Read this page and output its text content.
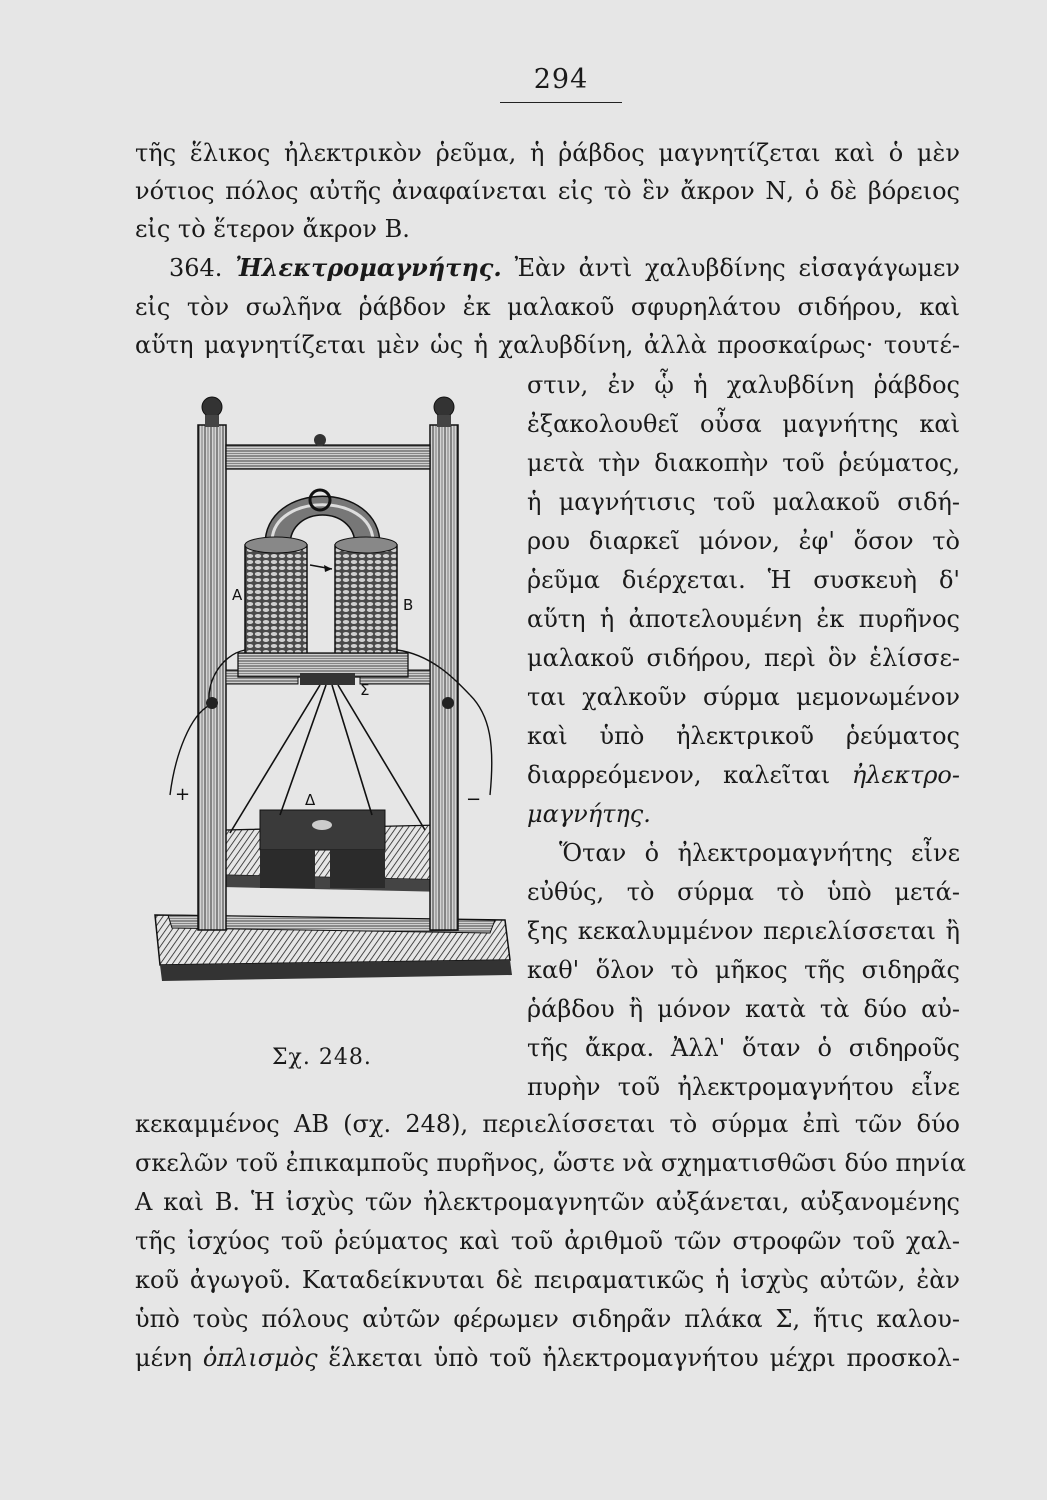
294
τῆς ἕλικος ἠλεκτρικὸν ῥεῦμα, ἡ ῥάβδος μαγνητίζεται καὶ ὁ μὲν
νότιος πόλος αὐτῆς ἀναφαίνεται εἰς τὸ ἓν ἄκρον Ν, ὁ δὲ βόρειος
εἰς τὸ ἕτερον ἄκρον Β.
364. Ἠλεκτρομαγνήτης. Ἐὰν ἀντὶ χαλυβδίνης εἰσαγάγωμεν
εἰς τὸν σωλῆνα ῥάβδον ἐκ μαλακοῦ σφυρηλάτου σιδήρου, καὶ
αὕτη μαγνητίζεται μὲν ὡς ἡ χαλυβδίνη, ἀλλὰ προσκαίρως· τουτέ-
στιν, ἐν ᾧ ἡ χαλυβδίνη ῥάβδος
ἐξακολουθεῖ οὖσα μαγνήτης καὶ
μετὰ τὴν διακοπὴν τοῦ ῥεύματος,
ἡ μαγνήτισις τοῦ μαλακοῦ σιδή-
ρου διαρκεῖ μόνον, ἐφ' ὅσον τὸ
ῥεῦμα διέρχεται. Ἡ συσκευὴ δ'
αὕτη ἡ ἀποτελουμένη ἐκ πυρῆνος
μαλακοῦ σιδήρου, περὶ ὃν ἑλίσσε-
ται χαλκοῦν σύρμα μεμονωμένον
καὶ ὑπὸ ἠλεκτρικοῦ ῥεύματος
διαρρεόμενον, καλεῖται ἠλεκτρο-
μαγνήτης.
Ὅταν ὁ ἠλεκτρομαγνήτης εἶνε
εὐθύς, τὸ σύρμα τὸ ὑπὸ μετά-
ξης κεκαλυμμένον περιελίσσεται ἢ
καθ' ὅλον τὸ μῆκος τῆς σιδηρᾶς
ῥάβδου ἢ μόνον κατὰ τὰ δύο αὐ-
τῆς ἄκρα. Ἀλλ' ὅταν ὁ σιδηροῦς
πυρὴν τοῦ ἠλεκτρομαγνήτου εἶνε
κεκαμμένος ΑΒ (σχ. 248), περιελίσσεται τὸ σύρμα ἐπὶ τῶν δύο
σκελῶν τοῦ ἐπικαμποῦς πυρῆνος, ὥστε νὰ σχηματισθῶσι δύο πηνία
Α καὶ Β. Ἡ ἰσχὺς τῶν ἠλεκτρομαγνητῶν αὐξάνεται, αὐξανομένης
τῆς ἰσχύος τοῦ ῥεύματος καὶ τοῦ ἀριθμοῦ τῶν στροφῶν τοῦ χαλ-
κοῦ ἀγωγοῦ. Καταδείκνυται δὲ πειραματικῶς ἡ ἰσχὺς αὐτῶν, ἐὰν
ὑπὸ τοὺς πόλους αὐτῶν φέρωμεν σιδηρᾶν πλάκα Σ, ἥτις καλου-
μένη ὁπλισμὸς ἕλκεται ὑπὸ τοῦ ἠλεκτρομαγνήτου μέχρι προσκολ-
A
B
Σ
Δ
+	−
Σχ. 248.
